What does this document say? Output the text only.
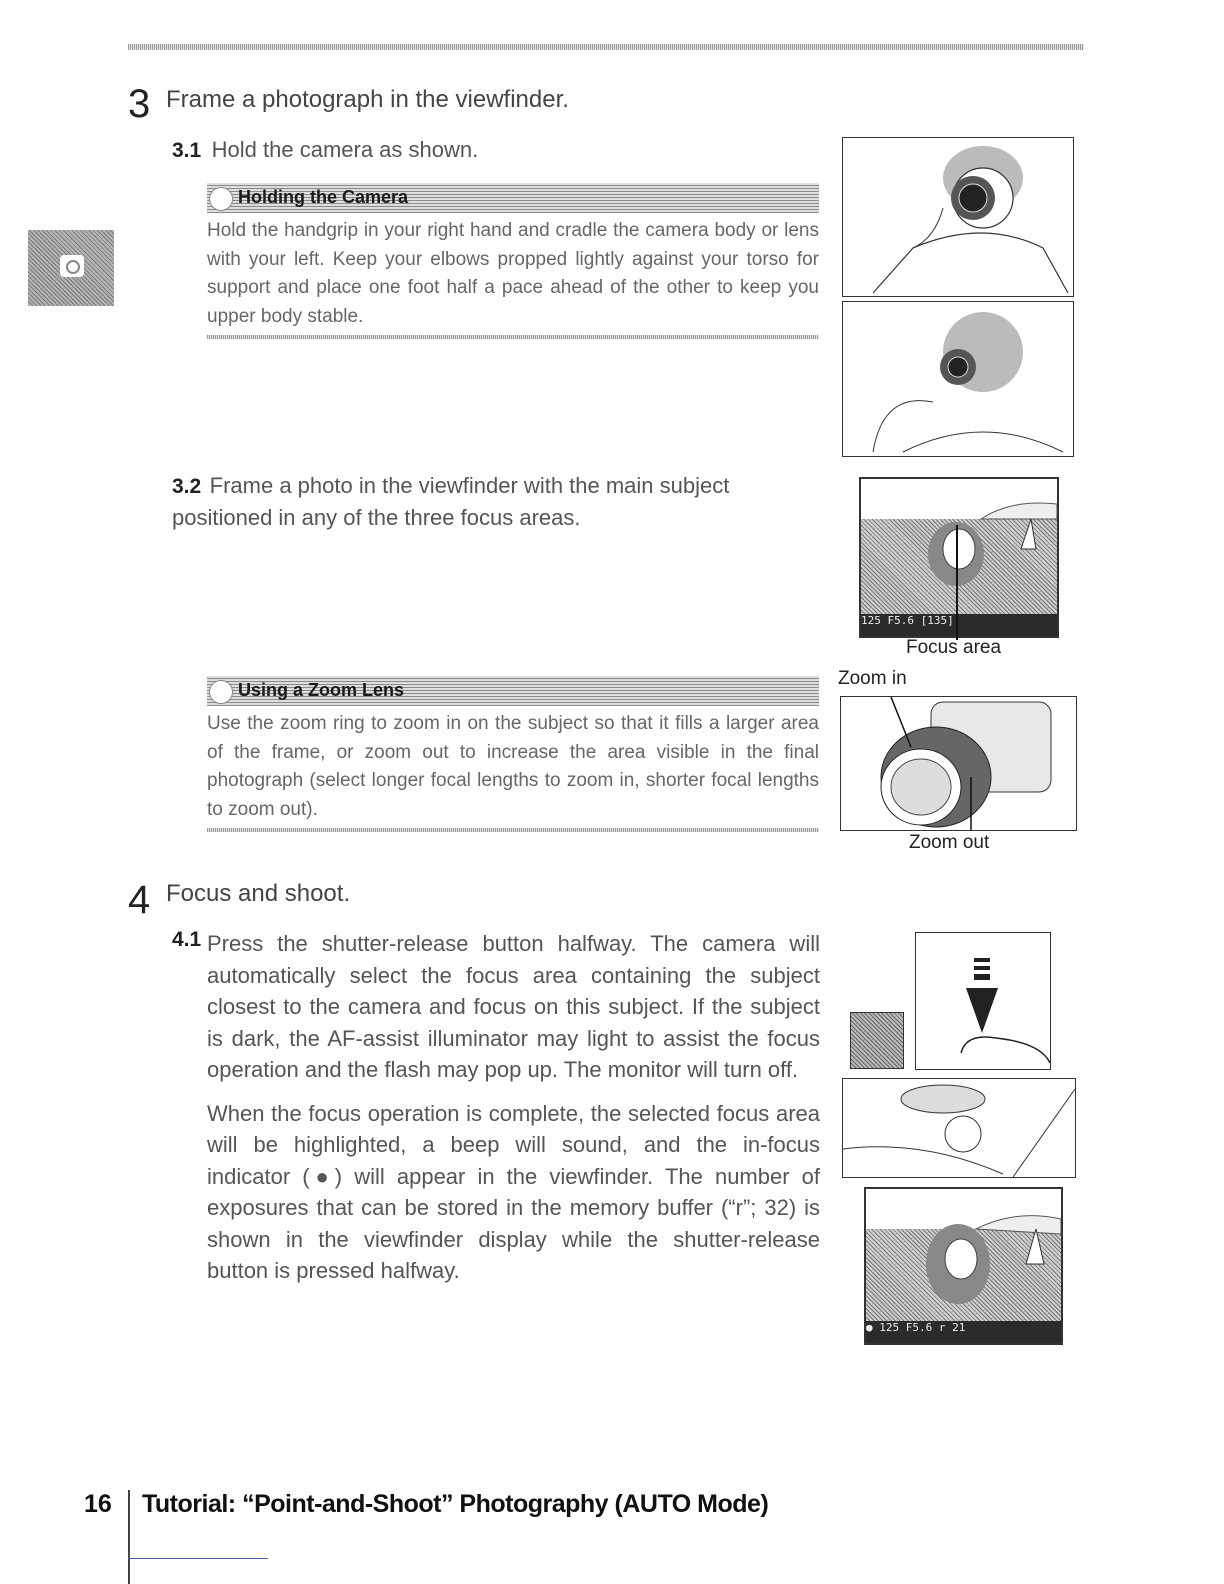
3 Frame a photograph in the viewfinder.
3.1 Hold the camera as shown.
Holding the Camera
Hold the handgrip in your right hand and cradle the camera body or lens with your left. Keep your elbows propped lightly against your torso for support and place one foot half a pace ahead of the other to keep you upper body stable.
3.2 Frame a photo in the viewfinder with the main subject positioned in any of the three focus areas.
125 F5.6 [135]
Focus area
Using a Zoom Lens
Use the zoom ring to zoom in on the subject so that it fills a larger area of the frame, or zoom out to increase the area visible in the final photograph (select longer focal lengths to zoom in, shorter focal lengths to zoom out).
Zoom in
Zoom out
4 Focus and shoot.
4.1 Press the shutter-release button halfway. The camera will automatically select the focus area containing the subject closest to the camera and focus on this subject. If the subject is dark, the AF-assist illuminator may light to assist the focus operation and the flash may pop up. The monitor will turn off.
When the focus operation is complete, the selected focus area will be highlighted, a beep will sound, and the in-focus indicator (●) will appear in the viewfinder. The number of exposures that can be stored in the memory buffer (“r”; 32) is shown in the viewfinder display while the shutter-release button is pressed halfway.
● 125 F5.6 r 21
16 Tutorial: “Point-and-Shoot” Photography (AUTO Mode)
